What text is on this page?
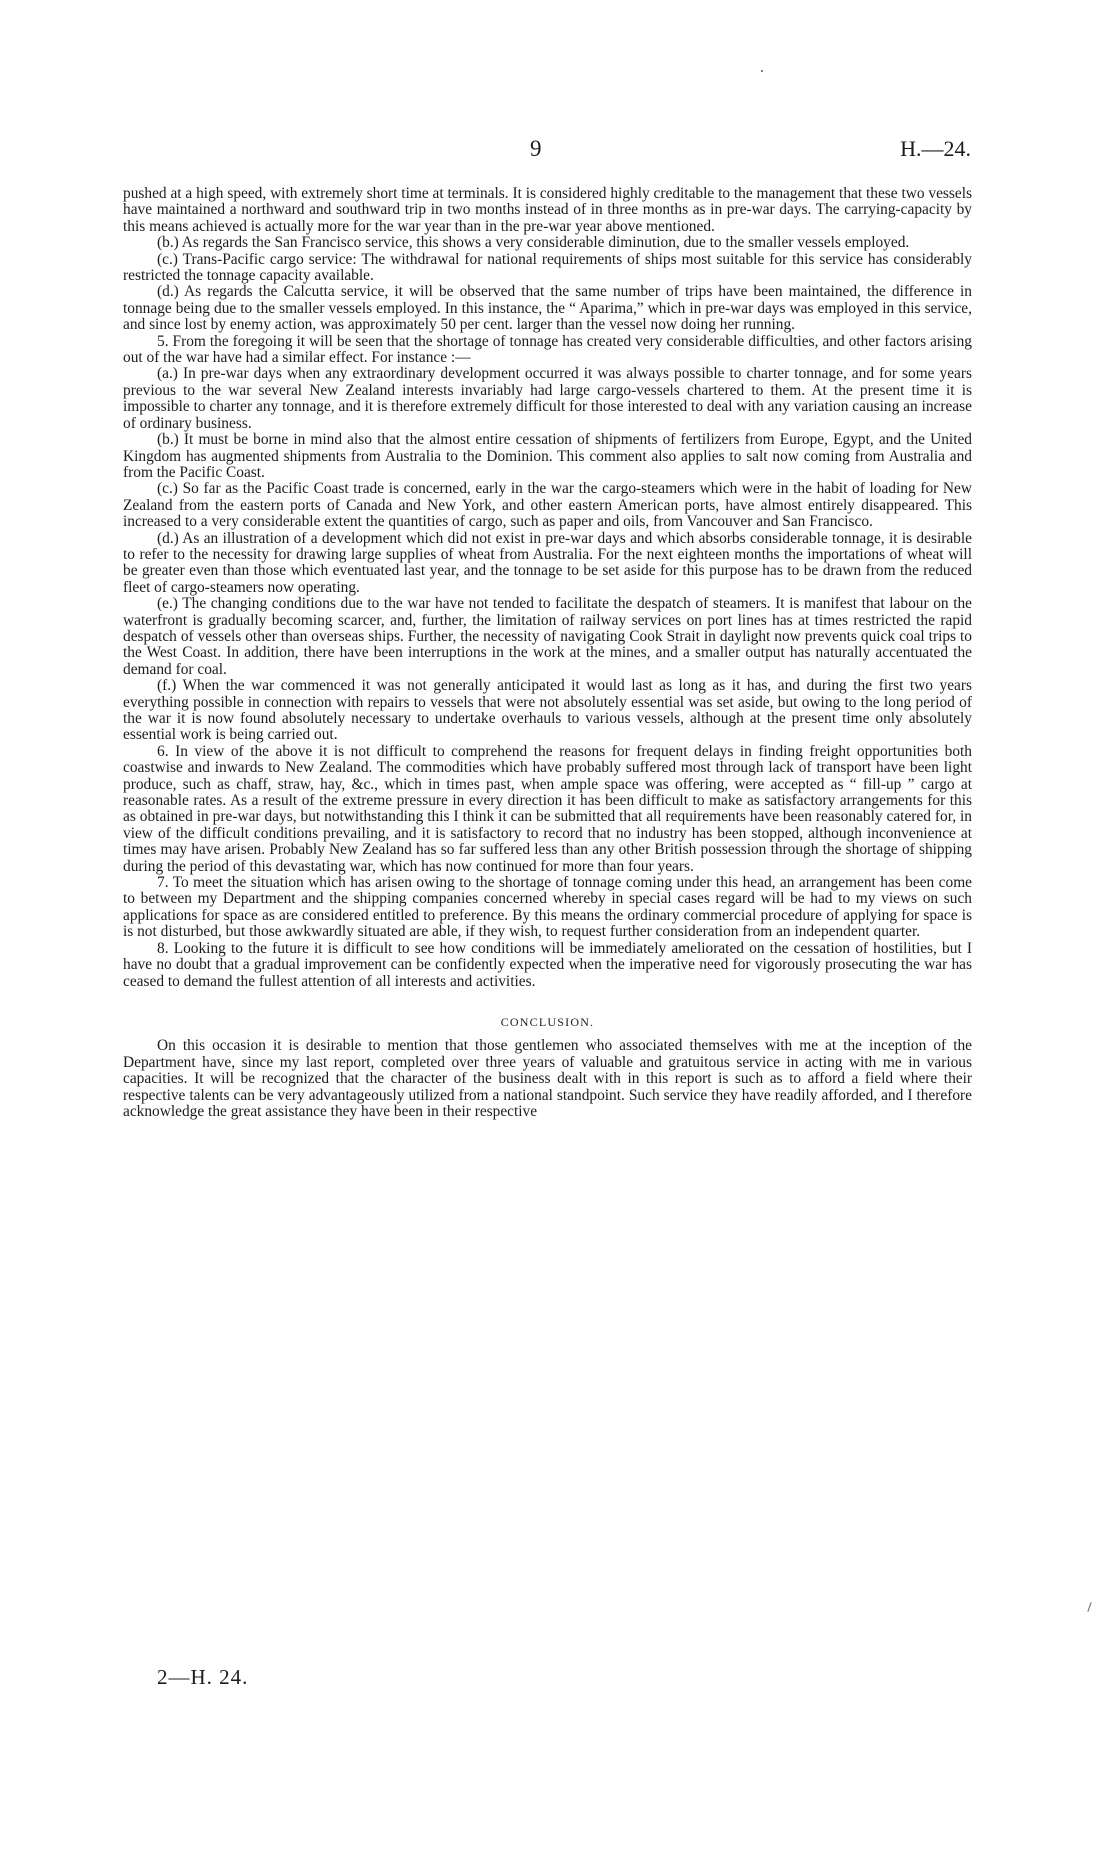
9	H.—24.

pushed at a high speed, with extremely short time at terminals. It is considered highly creditable to the management that these two vessels have maintained a northward and southward trip in two months instead of in three months as in pre-war days. The carrying-capacity by this means achieved is actually more for the war year than in the pre-war year above mentioned.

(b.) As regards the San Francisco service, this shows a very considerable diminution, due to the smaller vessels employed.

(c.) Trans-Pacific cargo service: The withdrawal for national requirements of ships most suitable for this service has considerably restricted the tonnage capacity available.

(d.) As regards the Calcutta service, it will be observed that the same number of trips have been maintained, the difference in tonnage being due to the smaller vessels employed. In this instance, the “ Aparima,” which in pre-war days was employed in this service, and since lost by enemy action, was approximately 50 per cent. larger than the vessel now doing her running.

5. From the foregoing it will be seen that the shortage of tonnage has created very considerable difficulties, and other factors arising out of the war have had a similar effect. For instance :—

(a.) In pre-war days when any extraordinary development occurred it was always possible to charter tonnage, and for some years previous to the war several New Zealand interests invariably had large cargo-vessels chartered to them. At the present time it is impossible to charter any tonnage, and it is therefore extremely difficult for those interested to deal with any variation causing an increase of ordinary business.

(b.) It must be borne in mind also that the almost entire cessation of shipments of fertilizers from Europe, Egypt, and the United Kingdom has augmented shipments from Australia to the Dominion. This comment also applies to salt now coming from Australia and from the Pacific Coast.

(c.) So far as the Pacific Coast trade is concerned, early in the war the cargo-steamers which were in the habit of loading for New Zealand from the eastern ports of Canada and New York, and other eastern American ports, have almost entirely disappeared. This increased to a very considerable extent the quantities of cargo, such as paper and oils, from Vancouver and San Francisco.

(d.) As an illustration of a development which did not exist in pre-war days and which absorbs considerable tonnage, it is desirable to refer to the necessity for drawing large supplies of wheat from Australia. For the next eighteen months the importations of wheat will be greater even than those which eventuated last year, and the tonnage to be set aside for this purpose has to be drawn from the reduced fleet of cargo-steamers now operating.

(e.) The changing conditions due to the war have not tended to facilitate the despatch of steamers. It is manifest that labour on the waterfront is gradually becoming scarcer, and, further, the limitation of railway services on port lines has at times restricted the rapid despatch of vessels other than overseas ships. Further, the necessity of navigating Cook Strait in daylight now prevents quick coal trips to the West Coast. In addition, there have been interruptions in the work at the mines, and a smaller output has naturally accentuated the demand for coal.

(f.) When the war commenced it was not generally anticipated it would last as long as it has, and during the first two years everything possible in connection with repairs to vessels that were not absolutely essential was set aside, but owing to the long period of the war it is now found absolutely necessary to undertake overhauls to various vessels, although at the present time only absolutely essential work is being carried out.

6. In view of the above it is not difficult to comprehend the reasons for frequent delays in finding freight opportunities both coastwise and inwards to New Zealand. The commodities which have probably suffered most through lack of transport have been light produce, such as chaff, straw, hay, &c., which in times past, when ample space was offering, were accepted as “ fill-up ” cargo at reasonable rates. As a result of the extreme pressure in every direction it has been difficult to make as satisfactory arrangements for this as obtained in pre-war days, but notwithstanding this I think it can be submitted that all requirements have been reasonably catered for, in view of the difficult conditions prevailing, and it is satisfactory to record that no industry has been stopped, although inconvenience at times may have arisen. Probably New Zealand has so far suffered less than any other British possession through the shortage of shipping during the period of this devastating war, which has now continued for more than four years.

7. To meet the situation which has arisen owing to the shortage of tonnage coming under this head, an arrangement has been come to between my Department and the shipping companies concerned whereby in special cases regard will be had to my views on such applications for space as are considered entitled to preference. By this means the ordinary commercial procedure of applying for space is is not disturbed, but those awkwardly situated are able, if they wish, to request further consideration from an independent quarter.

8. Looking to the future it is difficult to see how conditions will be immediately ameliorated on the cessation of hostilities, but I have no doubt that a gradual improvement can be confidently expected when the imperative need for vigorously prosecuting the war has ceased to demand the fullest attention of all interests and activities.

CONCLUSION.

On this occasion it is desirable to mention that those gentlemen who associated themselves with me at the inception of the Department have, since my last report, completed over three years of valuable and gratuitous service in acting with me in various capacities. It will be recognized that the character of the business dealt with in this report is such as to afford a field where their respective talents can be very advantageously utilized from a national standpoint. Such service they have readily afforded, and I therefore acknowledge the great assistance they have been in their respective

2—H. 24.
